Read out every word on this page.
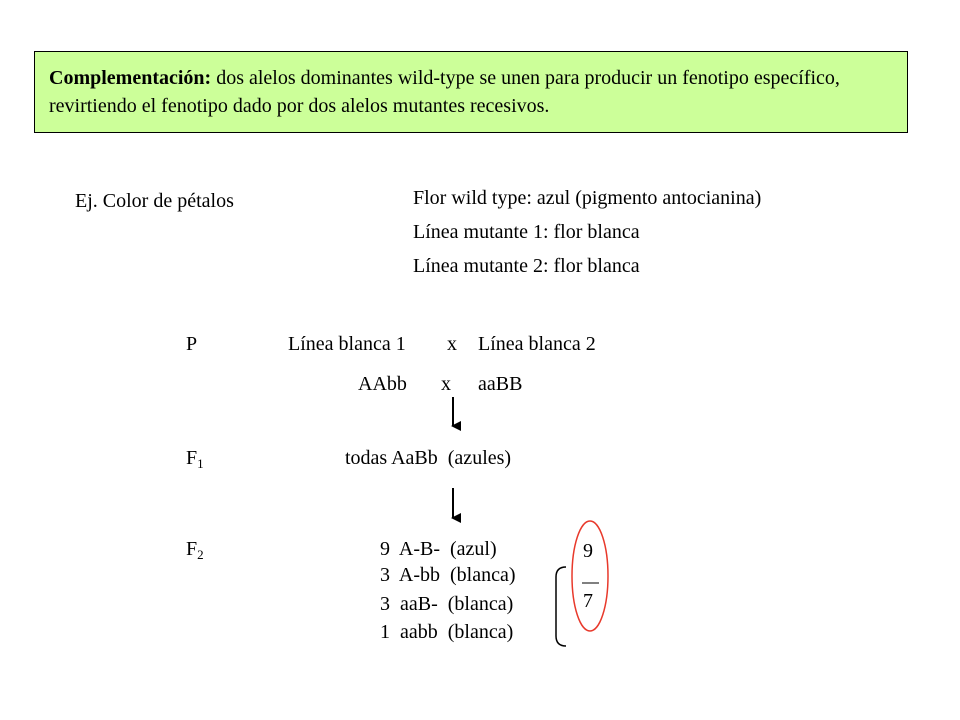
Complementación: dos alelos dominantes wild-type se unen para producir un fenotipo específico, revirtiendo el fenotipo dado por dos alelos mutantes recesivos.
Ej. Color de pétalos	Flor wild type: azul (pigmento antocianina)
Línea mutante 1: flor blanca
Línea mutante 2: flor blanca
P	Línea blanca 1 x Línea blanca 2
AAbb x aaBB
$F_1$	todas AaBb  (azules)
$F_2$	9  A-B-  (azul)
3  A-bb  (blanca)
3  aaB-  (blanca)
1  aabb  (blanca)
9
7
